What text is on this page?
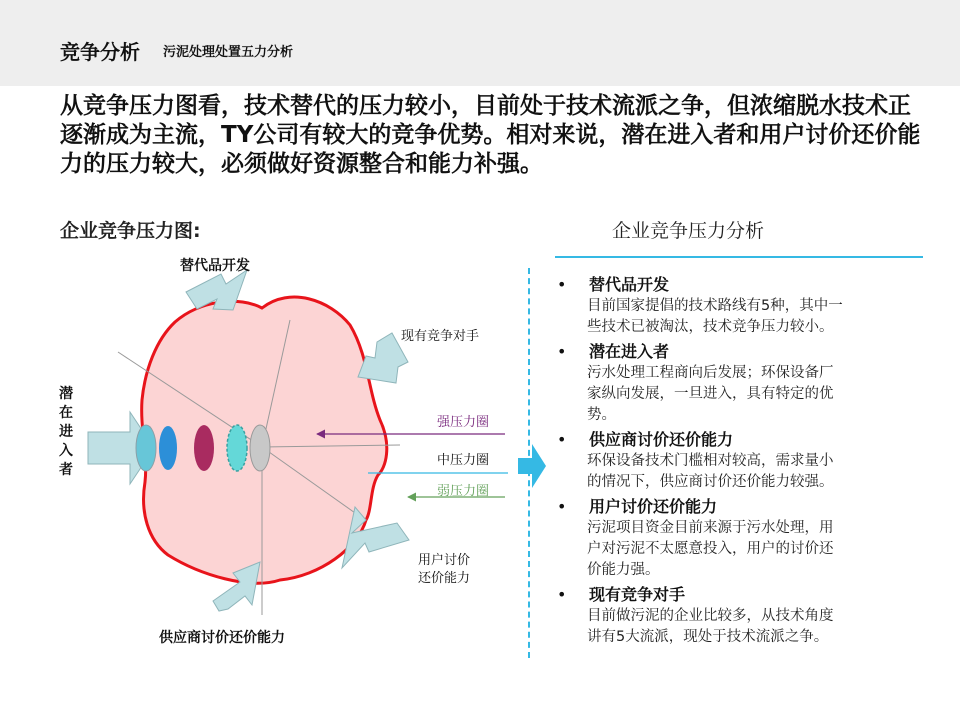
竞争分析 污泥处理处置五力分析

从竞争压力图看，技术替代的压力较小，目前处于技术流派之争，但浓缩脱水技术正逐渐成为主流，TY公司有较大的竞争优势。相对来说，潜在进入者和用户讨价还价能力的压力较大，必须做好资源整合和能力补强。

企业竞争压力图:	企业竞争压力分析
替代品开发
现有竞争对手
用户讨价
还价能力
供应商讨价还价能力
强压力圈
中压力圈
弱压力圈
潜在进入者
• 替代品开发
目前国家提倡的技术路线有5种，其中一
些技术已被淘汰，技术竞争压力较小。
• 潜在进入者
污水处理工程商向后发展；环保设备厂
家纵向发展，一旦进入，具有特定的优
势。
• 供应商讨价还价能力
环保设备技术门槛相对较高，需求量小
的情况下，供应商讨价还价能力较强。
• 用户讨价还价能力
污泥项目资金目前来源于污水处理，用
户对污泥不太愿意投入，用户的讨价还
价能力强。
• 现有竞争对手
目前做污泥的企业比较多，从技术角度
讲有5大流派，现处于技术流派之争。
